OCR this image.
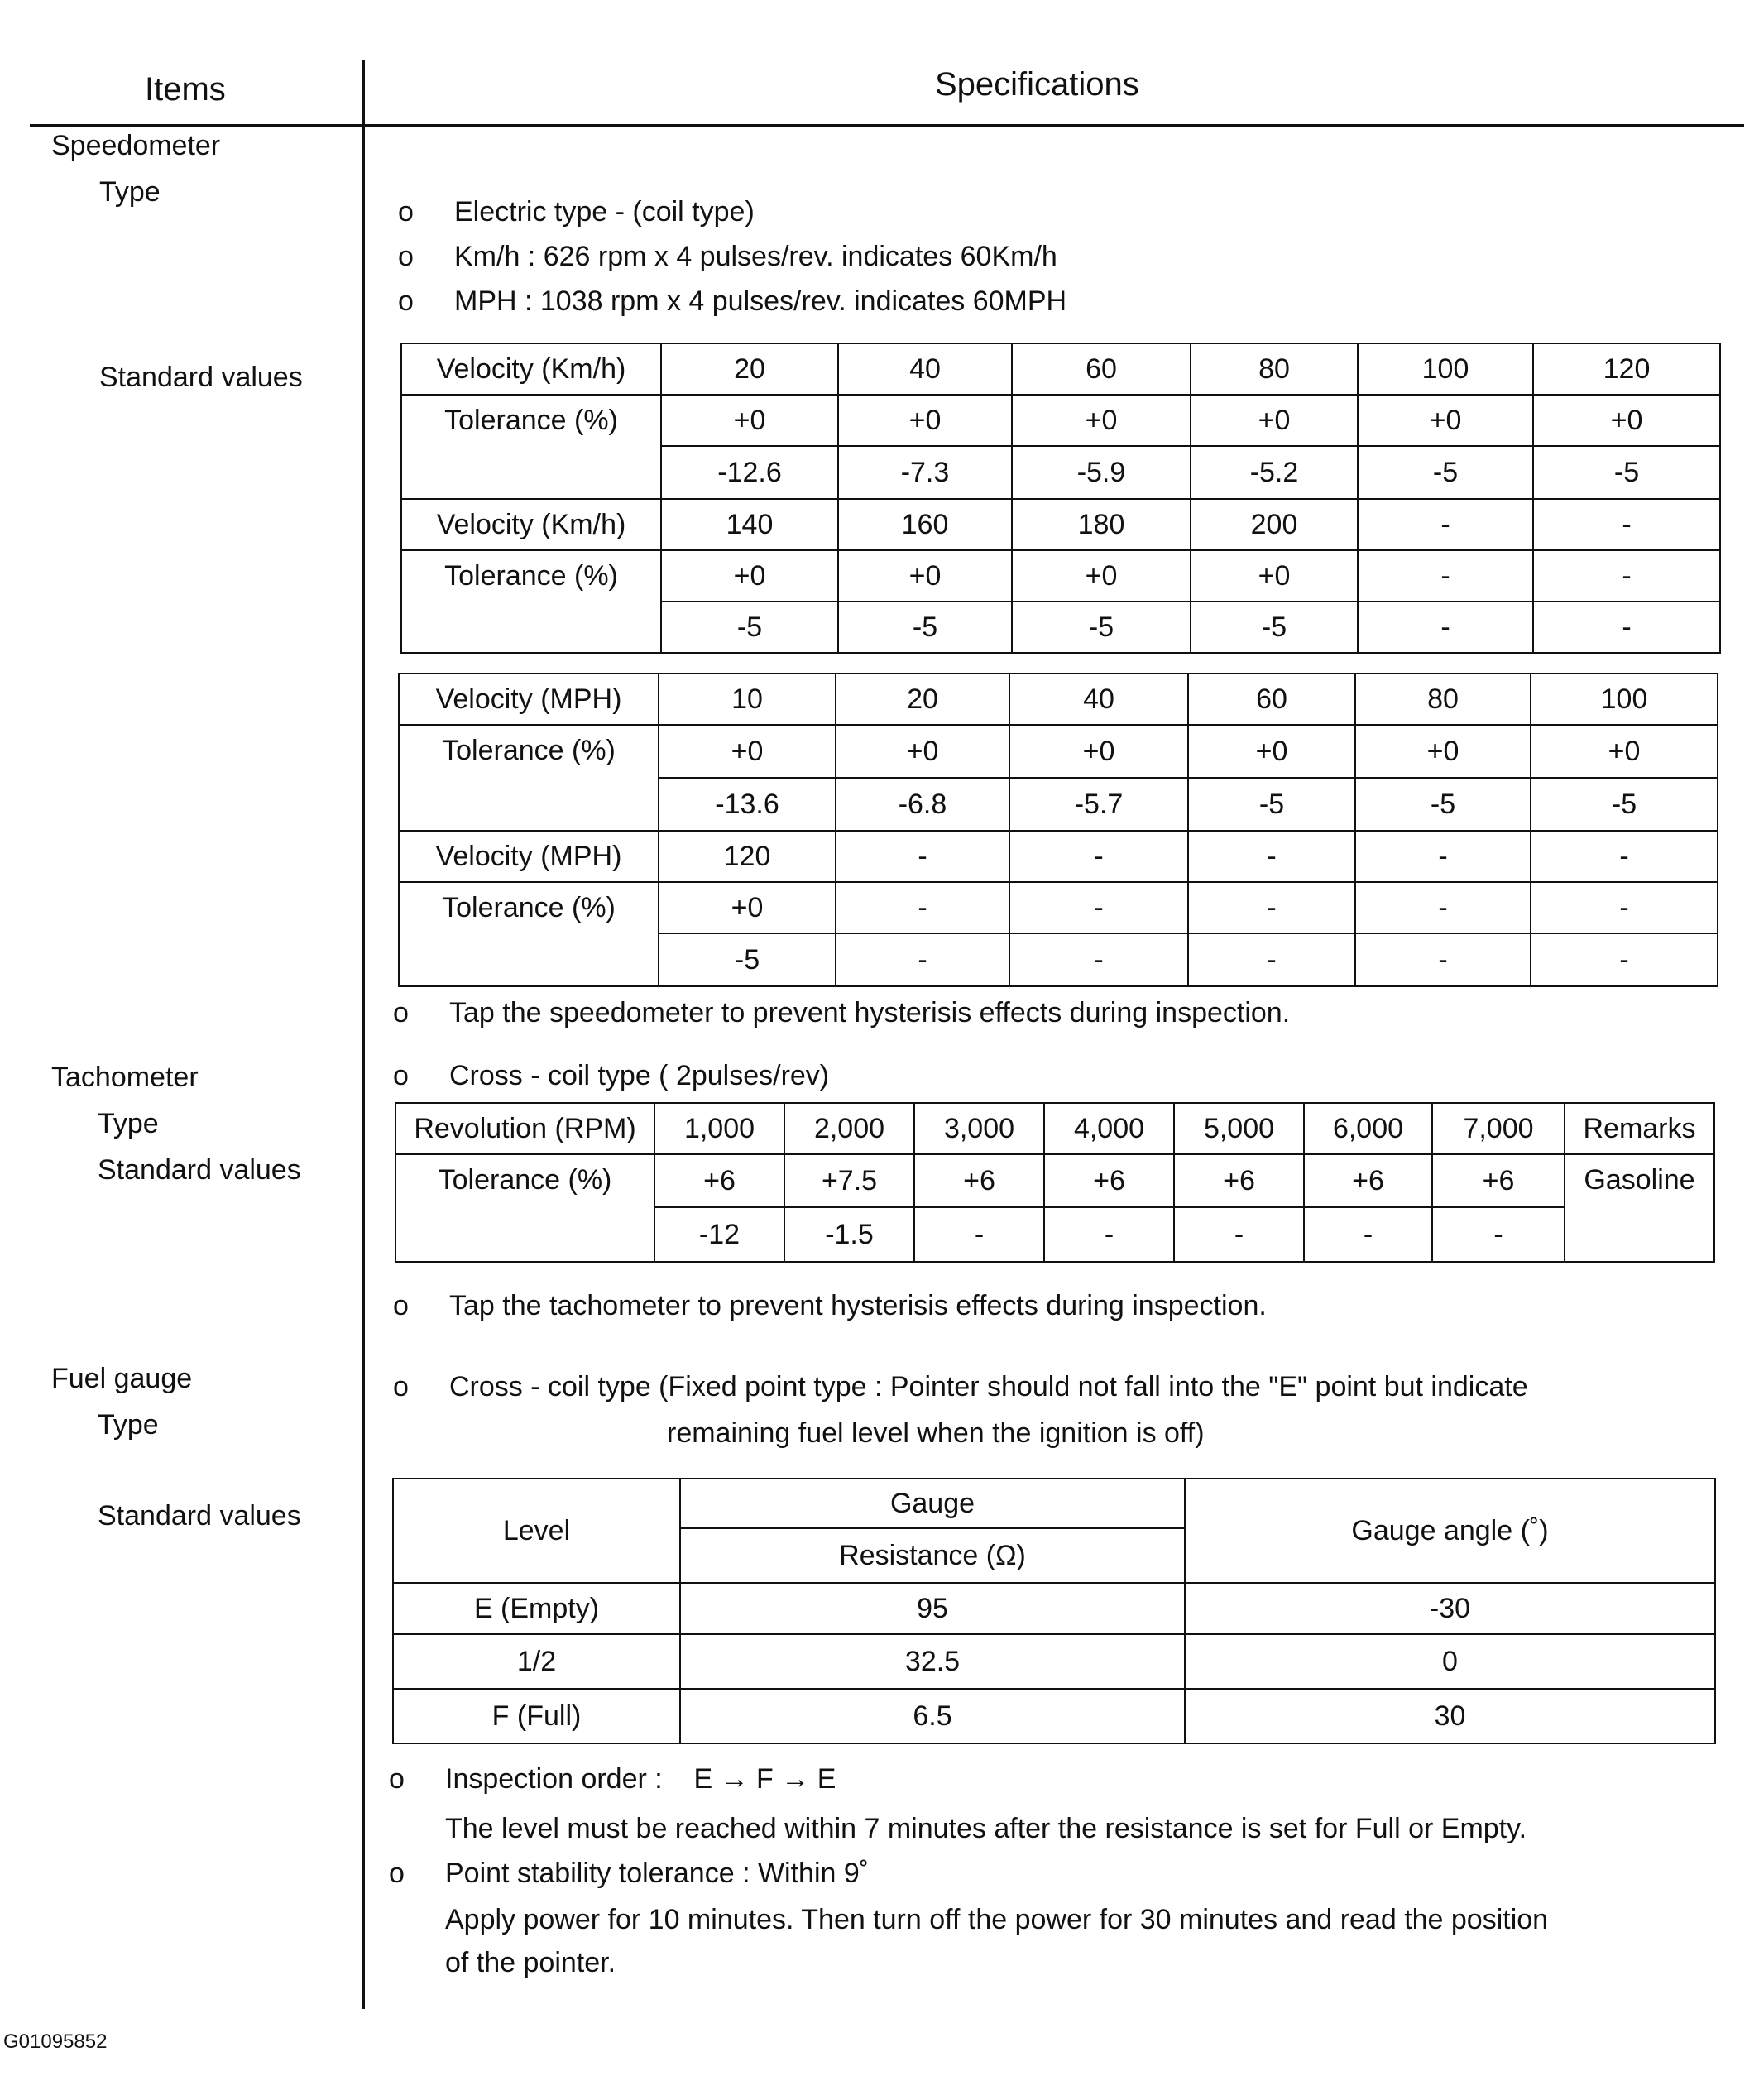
Items	Specifications
Speedometer
Type
Standard values
Tachometer
Type
Standard values
Fuel gauge
Type
Standard values
o Electric type - (coil type)
o Km/h : 626 rpm x 4 pulses/rev. indicates 60Km/h
o MPH : 1038 rpm x 4 pulses/rev. indicates 60MPH
Velocity (Km/h)	20	40	60	80	100	120
Tolerance (%)	+0	+0	+0	+0	+0	+0
	-12.6	-7.3	-5.9	-5.2	-5	-5
Velocity (Km/h)	140	160	180	200	-	-
Tolerance (%)	+0	+0	+0	+0	-	-
	-5	-5	-5	-5	-	-
Velocity (MPH)	10	20	40	60	80	100
Tolerance (%)	+0	+0	+0	+0	+0	+0
	-13.6	-6.8	-5.7	-5	-5	-5
Velocity (MPH)	120	-	-	-	-	-
Tolerance (%)	+0	-	-	-	-	-
	-5	-	-	-	-	-
o Tap the speedometer to prevent hysterisis effects during inspection.
o Cross - coil type ( 2pulses/rev)
Revolution (RPM)	1,000	2,000	3,000	4,000	5,000	6,000	7,000	Remarks
Tolerance (%)	+6	+7.5	+6	+6	+6	+6	+6	Gasoline
	-12	-1.5	-	-	-	-	-	
o Tap the tachometer to prevent hysterisis effects during inspection.
o Cross - coil type (Fixed point type : Pointer should not fall into the "E" point but indicate
remaining fuel level when the ignition is off)
Level	Gauge	Gauge angle (˚)
	Resistance (Ω)	
E (Empty)	95	-30
1/2	32.5	0
F (Full)	6.5	30
o Inspection order :    E → F → E
The level must be reached within 7 minutes after the resistance is set for Full or Empty.
o Point stability tolerance : Within 9˚
Apply power for 10 minutes. Then turn off the power for 30 minutes and read the position
of the pointer.
G01095852
